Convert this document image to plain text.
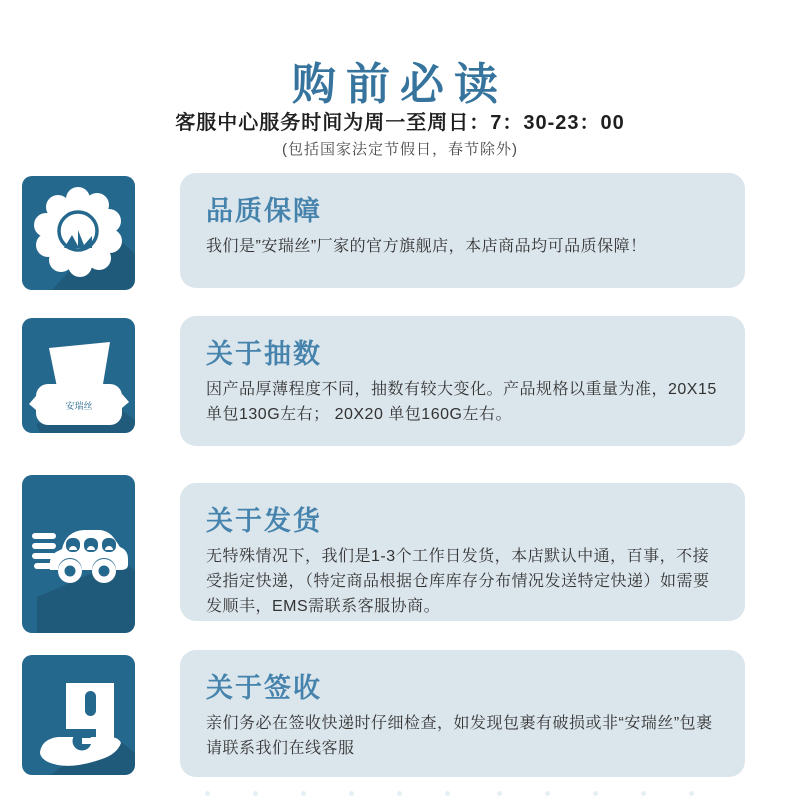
购前必读
客服中心服务时间为周一至周日：7：30-23：00
(包括国家法定节假日，春节除外)
品质保障

我们是”安瑞丝”厂家的官方旗舰店，本店商品均可品质保障！

安瑞丝
关于抽数

因产品厚薄程度不同，抽数有较大变化。产品规格以重量为准，20X15 单包130G左右； 20X20 单包160G左右。

关于发货

无特殊情况下，我们是1-3个工作日发货，本店默认中通，百事，不接受指定快递，（特定商品根据仓库库存分布情况发送特定快递）如需要发顺丰，EMS需联系客服协商。

关于签收

亲们务必在签收快递时仔细检查，如发现包裹有破损或非“安瑞丝”包裹请联系我们在线客服
